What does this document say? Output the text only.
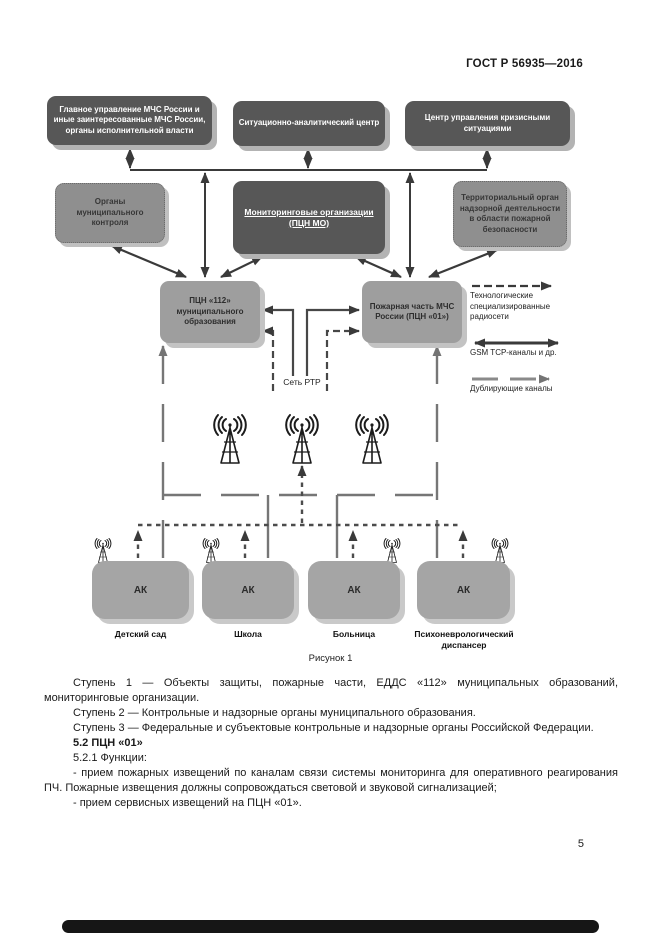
ГОСТ Р 56935—2016
Главное управление МЧС России и иные заинтересованные МЧС России, органы исполнительной власти
Ситуационно-аналитический центр
Центр управления кризисными ситуациями
Органы муниципального контроля
Мониторинговые организации (ПЦН МО)
Территориальный орган надзорной деятельности в области пожарной безопасности
ПЦН «112» муниципального образования
Пожарная часть МЧС России (ПЦН «01»)
Технологические специализированные радиосети
GSM TCP-каналы и др.
Дублирующие каналы
Сеть РТР
АК	АК	АК	АК
Детский сад	Школа	Больница	Психоневрологический диспансер
Рисунок 1

Ступень 1 — Объекты защиты, пожарные части, ЕДДС «112» муниципальных образований, мониторинговые организации.

Ступень 2 — Контрольные и надзорные органы муниципального образования.

Ступень 3 — Федеральные и субъектовые контрольные и надзорные органы Российской Федерации.

5.2 ПЦН «01»

5.2.1 Функции:

- прием пожарных извещений по каналам связи системы мониторинга для оперативного реагирования ПЧ. Пожарные извещения должны сопровождаться световой и звуковой сигнализацией;

- прием сервисных извещений на ПЦН «01».

5
